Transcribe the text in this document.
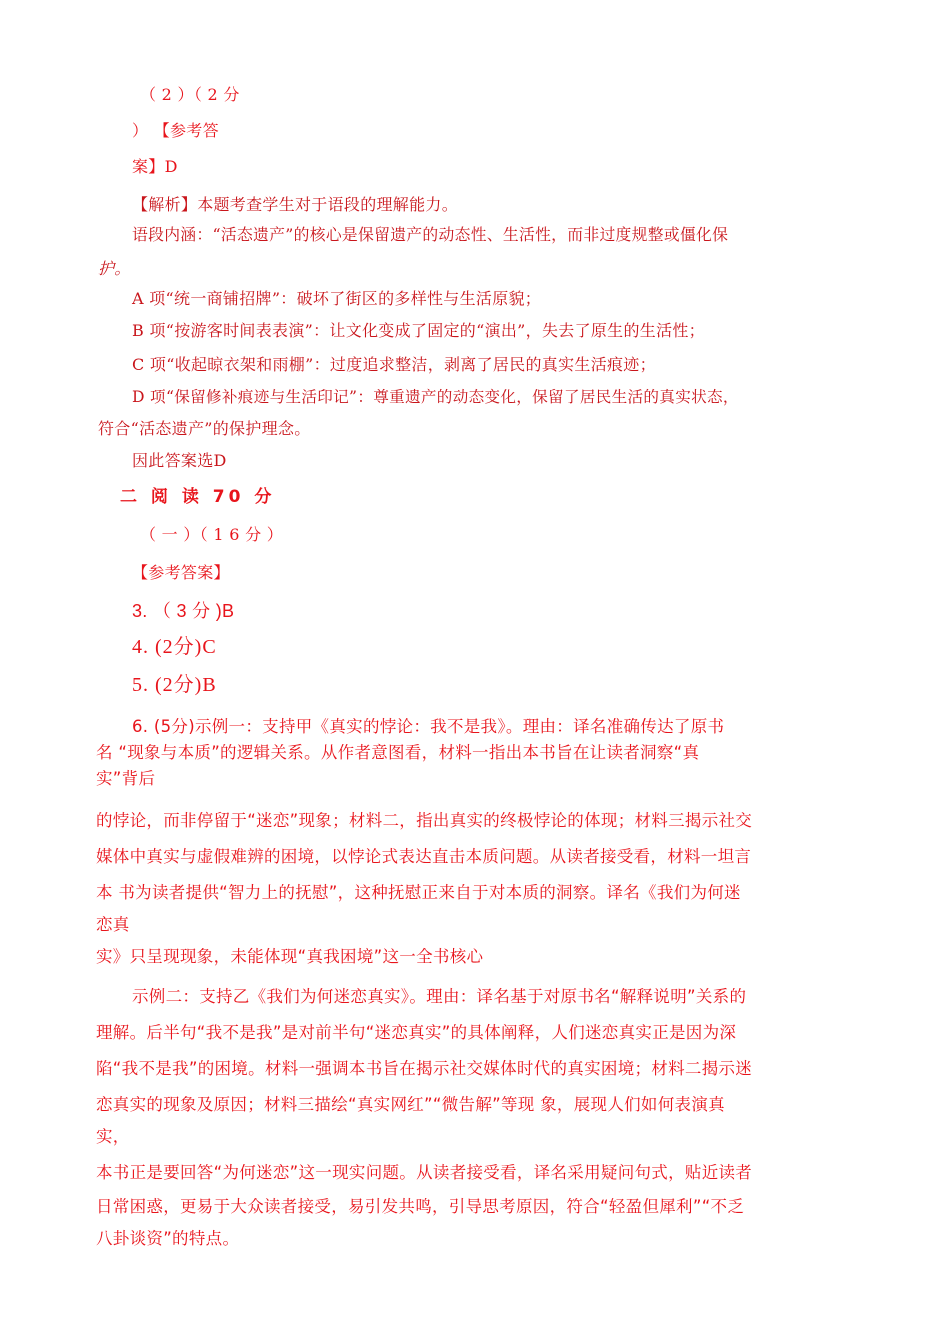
（ 2 ）（ 2 分
） 【参考答
案】D
【解析】本题考查学生对于语段的理解能力。
语段内涵：“活态遗产”的核心是保留遗产的动态性、生活性，而非过度规整或僵化保
护。
A 项“统一商铺招牌”：破坏了街区的多样性与生活原貌；
B 项“按游客时间表表演”：让文化变成了固定的“演出”，失去了原生的生活性；
C 项“收起晾衣架和雨棚”：过度追求整洁，剥离了居民的真实生活痕迹；
D 项“保留修补痕迹与生活印记”：尊重遗产的动态变化，保留了居民生活的真实状态，
符合“活态遗产”的保护理念。
因此答案选D
二 阅 读 70 分
（ 一 ）（ 1 6 分 ）
【参考答案】
3. （ 3 分 )B
4. (2分)C
5. (2分)B
6. (5分)示例一：支持甲《真实的悖论：我不是我》。理由：译名准确传达了原书
名 “现象与本质”的逻辑关系。从作者意图看，材料一指出本书旨在让读者洞察“真
实”背后
的悖论，而非停留于“迷恋”现象；材料二，指出真实的终极悖论的体现；材料三揭示社交
媒体中真实与虚假难辨的困境，以悖论式表达直击本质问题。从读者接受看，材料一坦言
本 书为读者提供“智力上的抚慰”，这种抚慰正来自于对本质的洞察。译名《我们为何迷
恋真
实》只呈现现象，未能体现“真我困境”这一全书核心
示例二：支持乙《我们为何迷恋真实》。理由：译名基于对原书名“解释说明”关系的
理解。后半句“我不是我”是对前半句“迷恋真实”的具体阐释，人们迷恋真实正是因为深
陷“我不是我”的困境。材料一强调本书旨在揭示社交媒体时代的真实困境；材料二揭示迷
恋真实的现象及原因；材料三描绘“真实网红”“微告解”等现 象，展现人们如何表演真
实，
本书正是要回答“为何迷恋”这一现实问题。从读者接受看，译名采用疑问句式，贴近读者
日常困惑，更易于大众读者接受，易引发共鸣，引导思考原因，符合“轻盈但犀利”“不乏
八卦谈资”的特点。
